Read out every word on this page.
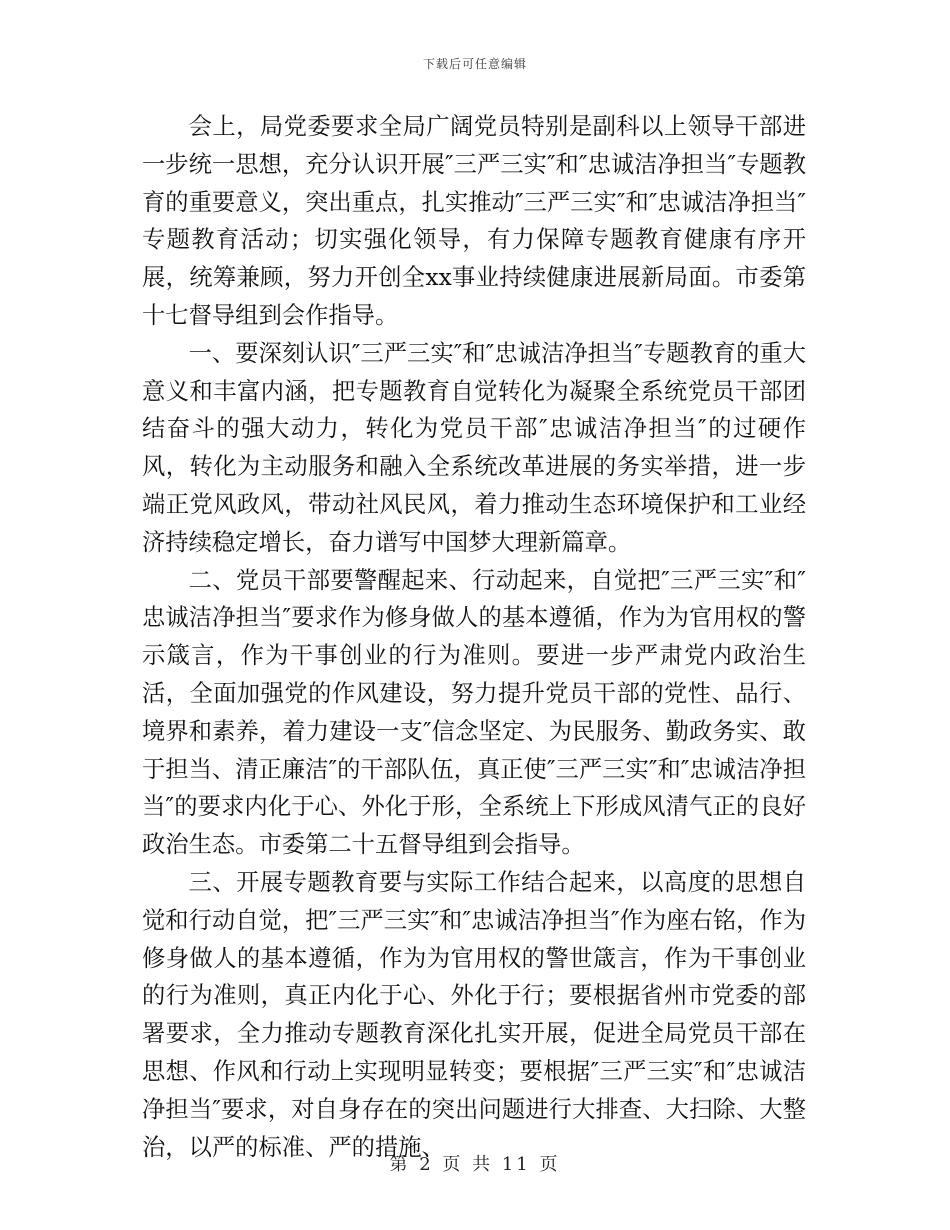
下载后可任意编辑

会上，局党委要求全局广阔党员特别是副科以上领导干部进一步统一思想，充分认识开展″三严三实″和″忠诚洁净担当″专题教育的重要意义，突出重点，扎实推动″三严三实″和″忠诚洁净担当″专题教育活动；切实强化领导，有力保障专题教育健康有序开展，统筹兼顾，努力开创全xx事业持续健康进展新局面。市委第十七督导组到会作指导。

一、要深刻认识″三严三实″和″忠诚洁净担当″专题教育的重大意义和丰富内涵，把专题教育自觉转化为凝聚全系统党员干部团结奋斗的强大动力，转化为党员干部″忠诚洁净担当″的过硬作风，转化为主动服务和融入全系统改革进展的务实举措，进一步端正党风政风，带动社风民风，着力推动生态环境保护和工业经济持续稳定增长，奋力谱写中国梦大理新篇章。

二、党员干部要警醒起来、行动起来，自觉把″三严三实″和″忠诚洁净担当″要求作为修身做人的基本遵循，作为为官用权的警示箴言，作为干事创业的行为准则。要进一步严肃党内政治生活，全面加强党的作风建设，努力提升党员干部的党性、品行、境界和素养，着力建设一支″信念坚定、为民服务、勤政务实、敢于担当、清正廉洁″的干部队伍，真正使″三严三实″和″忠诚洁净担当″的要求内化于心、外化于形，全系统上下形成风清气正的良好政治生态。市委第二十五督导组到会指导。

三、开展专题教育要与实际工作结合起来，以高度的思想自觉和行动自觉，把″三严三实″和″忠诚洁净担当″作为座右铭，作为修身做人的基本遵循，作为为官用权的警世箴言，作为干事创业的行为准则，真正内化于心、外化于行；要根据省州市党委的部署要求，全力推动专题教育深化扎实开展，促进全局党员干部在思想、作风和行动上实现明显转变；要根据″三严三实″和″忠诚洁净担当″要求，对自身存在的突出问题进行大排查、大扫除、大整治，以严的标准、严的措施、

第 2 页 共 11 页
